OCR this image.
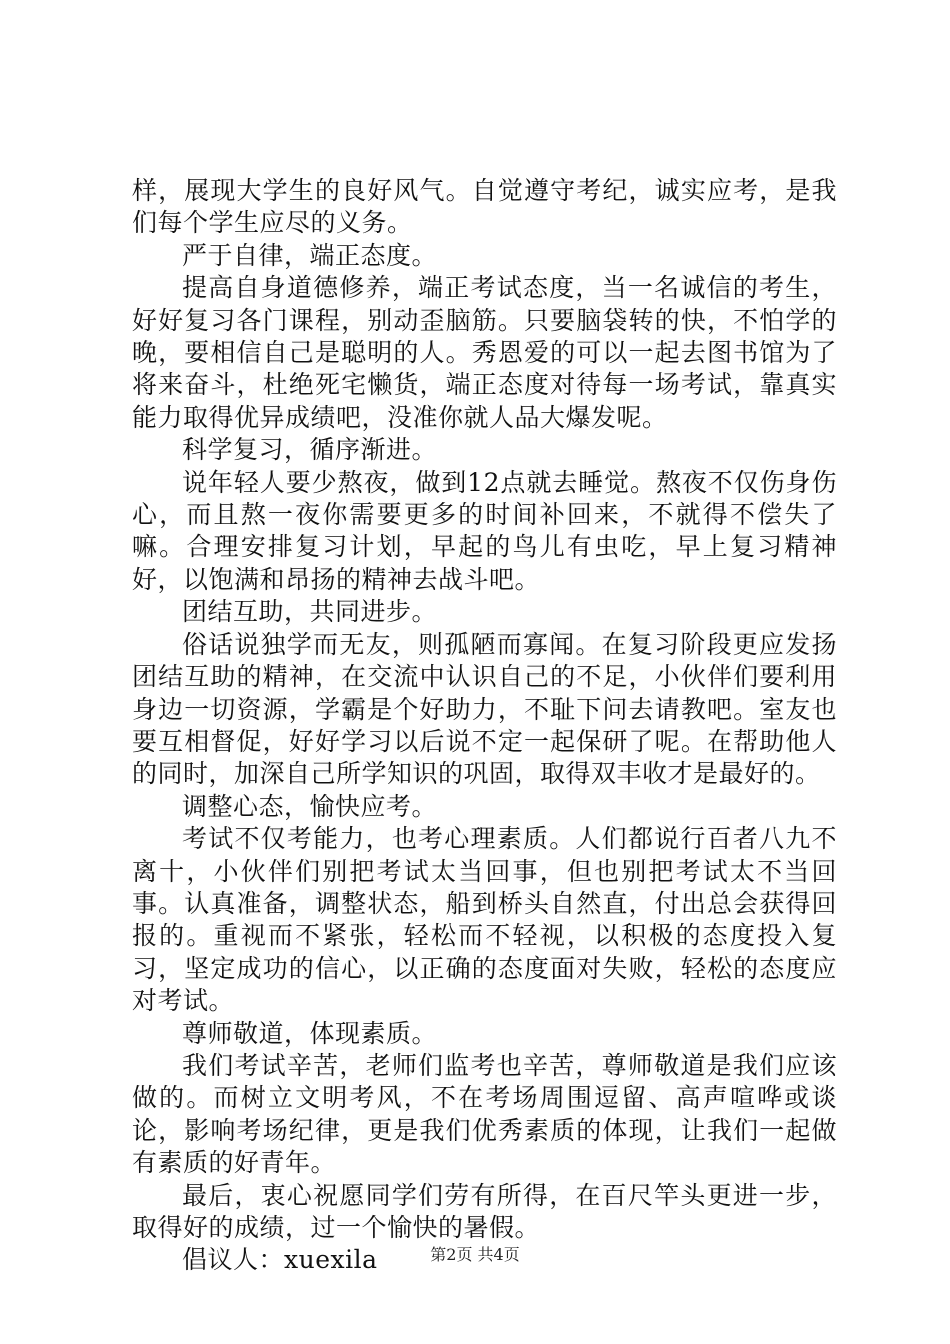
样，展现大学生的良好风气。自觉遵守考纪，诚实应考，是我们每个学生应尽的义务。

严于自律，端正态度。

提高自身道德修养，端正考试态度，当一名诚信的考生，好好复习各门课程，别动歪脑筋。只要脑袋转的快，不怕学的晚，要相信自己是聪明的人。秀恩爱的可以一起去图书馆为了将来奋斗，杜绝死宅懒货，端正态度对待每一场考试，靠真实能力取得优异成绩吧，没准你就人品大爆发呢。

科学复习，循序渐进。

说年轻人要少熬夜，做到12点就去睡觉。熬夜不仅伤身伤心，而且熬一夜你需要更多的时间补回来，不就得不偿失了嘛。合理安排复习计划，早起的鸟儿有虫吃，早上复习精神好，以饱满和昂扬的精神去战斗吧。

团结互助，共同进步。

俗话说独学而无友，则孤陋而寡闻。在复习阶段更应发扬团结互助的精神，在交流中认识自己的不足，小伙伴们要利用身边一切资源，学霸是个好助力，不耻下问去请教吧。室友也要互相督促，好好学习以后说不定一起保研了呢。在帮助他人的同时，加深自己所学知识的巩固，取得双丰收才是最好的。

调整心态，愉快应考。

考试不仅考能力，也考心理素质。人们都说行百者八九不离十，小伙伴们别把考试太当回事，但也别把考试太不当回事。认真准备，调整状态，船到桥头自然直，付出总会获得回报的。重视而不紧张，轻松而不轻视，以积极的态度投入复习，坚定成功的信心，以正确的态度面对失败，轻松的态度应对考试。

尊师敬道，体现素质。

我们考试辛苦，老师们监考也辛苦，尊师敬道是我们应该做的。而树立文明考风，不在考场周围逗留、高声喧哗或谈论，影响考场纪律，更是我们优秀素质的体现，让我们一起做有素质的好青年。

最后，衷心祝愿同学们劳有所得，在百尺竿头更进一步，取得好的成绩，过一个愉快的暑假。

倡议人：xuexila	第2页 共4页
